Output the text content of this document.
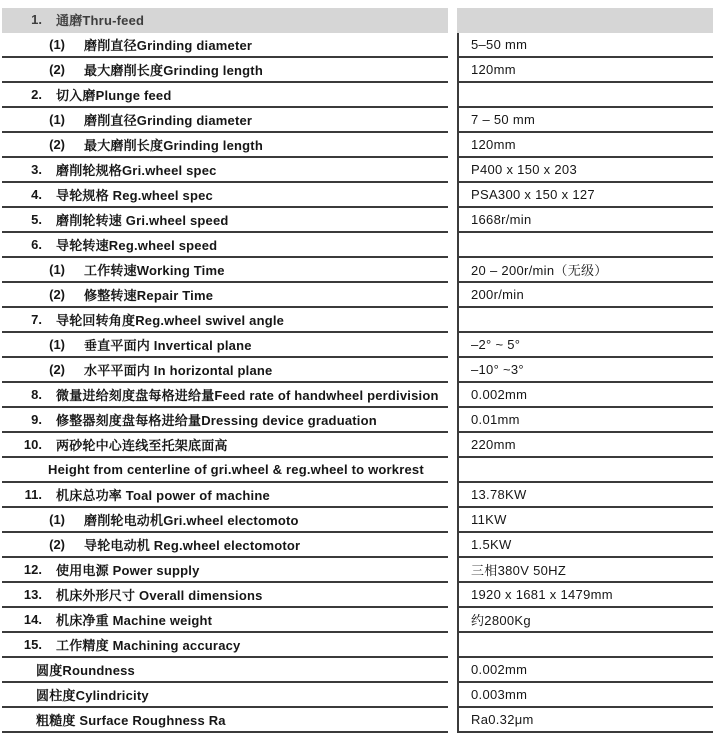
1. 通磨Thru-feed
(1) 磨削直径Grinding diameter	5–50 mm
(2) 最大磨削长度Grinding length	120mm
2. 切入磨Plunge feed
(1) 磨削直径Grinding diameter	7 – 50 mm
(2) 最大磨削长度Grinding length	120mm
3. 磨削轮规格Gri.wheel spec	P400 x 150 x 203
4. 导轮规格 Reg.wheel spec	PSA300 x 150 x 127
5. 磨削轮转速 Gri.wheel speed	1668r/min
6. 导轮转速Reg.wheel speed
(1) 工作转速Working Time	20 – 200r/min（无级）
(2) 修整转速Repair Time	200r/min
7. 导轮回转角度Reg.wheel swivel angle
(1) 垂直平面内 Invertical plane	–2° ~ 5°
(2) 水平平面内 In horizontal plane	–10° ~3°
8. 微量进给刻度盘每格进给量Feed rate of handwheel perdivision 0.002mm
9. 修整器刻度盘每格进给量Dressing device graduation	0.01mm
10. 两砂轮中心连线至托架底面高	220mm
Height from centerline of gri.wheel & reg.wheel to workrest
11. 机床总功率 Toal power of machine	13.78KW
(1) 磨削轮电动机Gri.wheel electomoto	11KW
(2) 导轮电动机 Reg.wheel electomotor	1.5KW
12. 使用电源 Power supply	三相380V 50HZ
13. 机床外形尺寸 Overall dimensions	1920 x 1681 x 1479mm
14. 机床净重 Machine weight	约2800Kg
15. 工作精度 Machining accuracy
圆度Roundness	0.002mm
圆柱度Cylindricity	0.003mm
粗糙度 Surface Roughness Ra	Ra0.32μm
